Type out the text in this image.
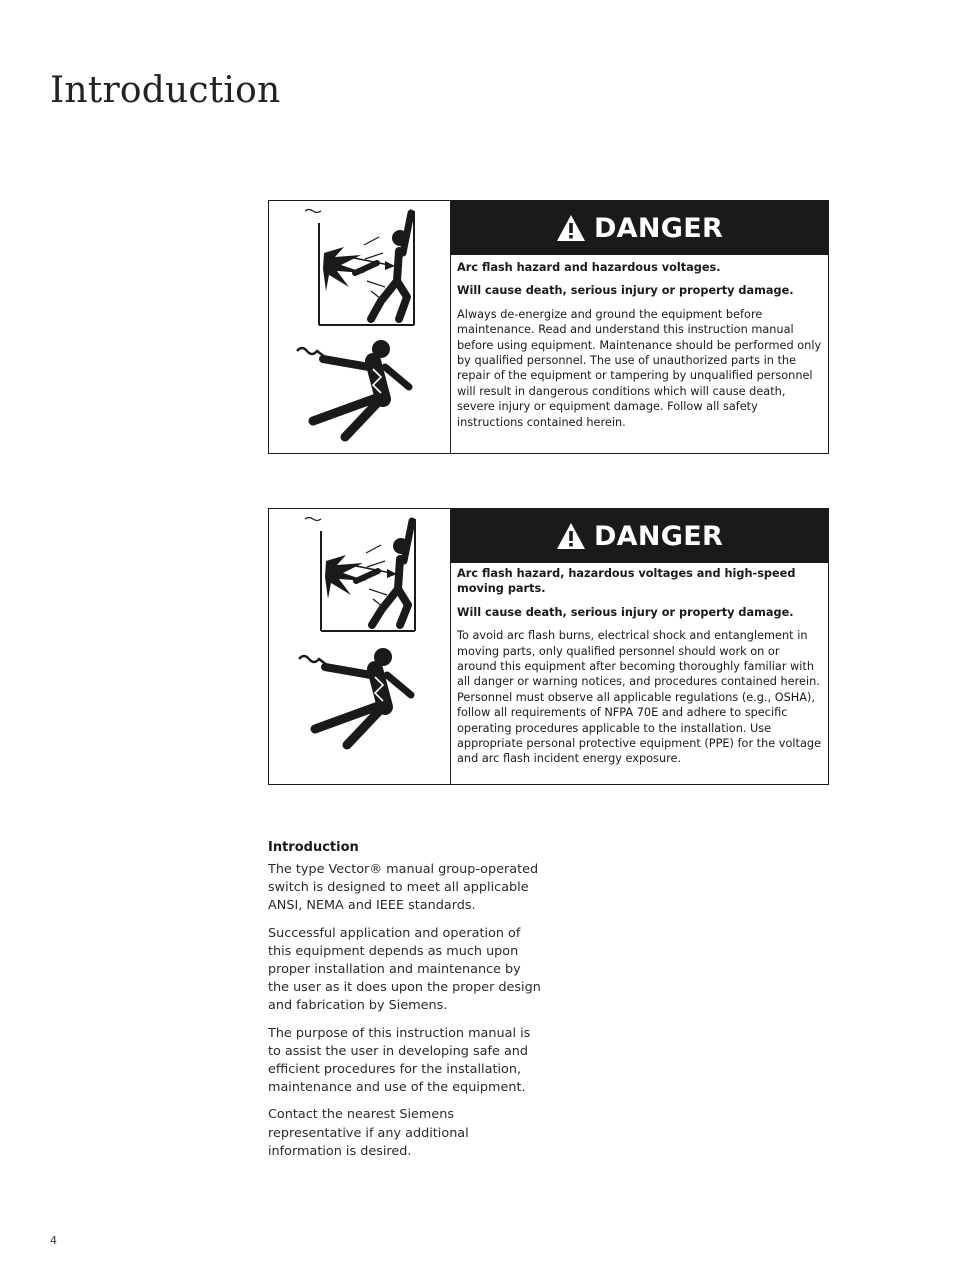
Introduction
DANGER

Arc flash hazard and hazardous voltages.

Will cause death, serious injury or property damage.

Always de-energize and ground the equipment before maintenance. Read and understand this instruction manual before using equipment. Maintenance should be performed only by qualified personnel. The use of unauthorized parts in the repair of the equipment or tampering by unqualified personnel will result in dangerous conditions which will cause death, severe injury or equipment damage. Follow all safety instructions contained herein.

DANGER

Arc flash hazard, hazardous voltages and high-speed moving parts.

Will cause death, serious injury or property damage.

To avoid arc flash burns, electrical shock and entanglement in moving parts, only qualified personnel should work on or around this equipment after becoming thoroughly familiar with all danger or warning notices, and procedures contained herein. Personnel must observe all applicable regulations (e.g., OSHA), follow all requirements of NFPA 70E and adhere to specific operating procedures applicable to the installation. Use appropriate personal protective equipment (PPE) for the voltage and arc flash incident energy exposure.

Introduction

The type Vector® manual group-operated switch is designed to meet all applicable ANSI, NEMA and IEEE standards.

Successful application and operation of this equipment depends as much upon proper installation and maintenance by the user as it does upon the proper design and fabrication by Siemens.

The purpose of this instruction manual is to assist the user in developing safe and efficient procedures for the installation, maintenance and use of the equipment.

Contact the nearest Siemens representative if any additional information is desired.

4
